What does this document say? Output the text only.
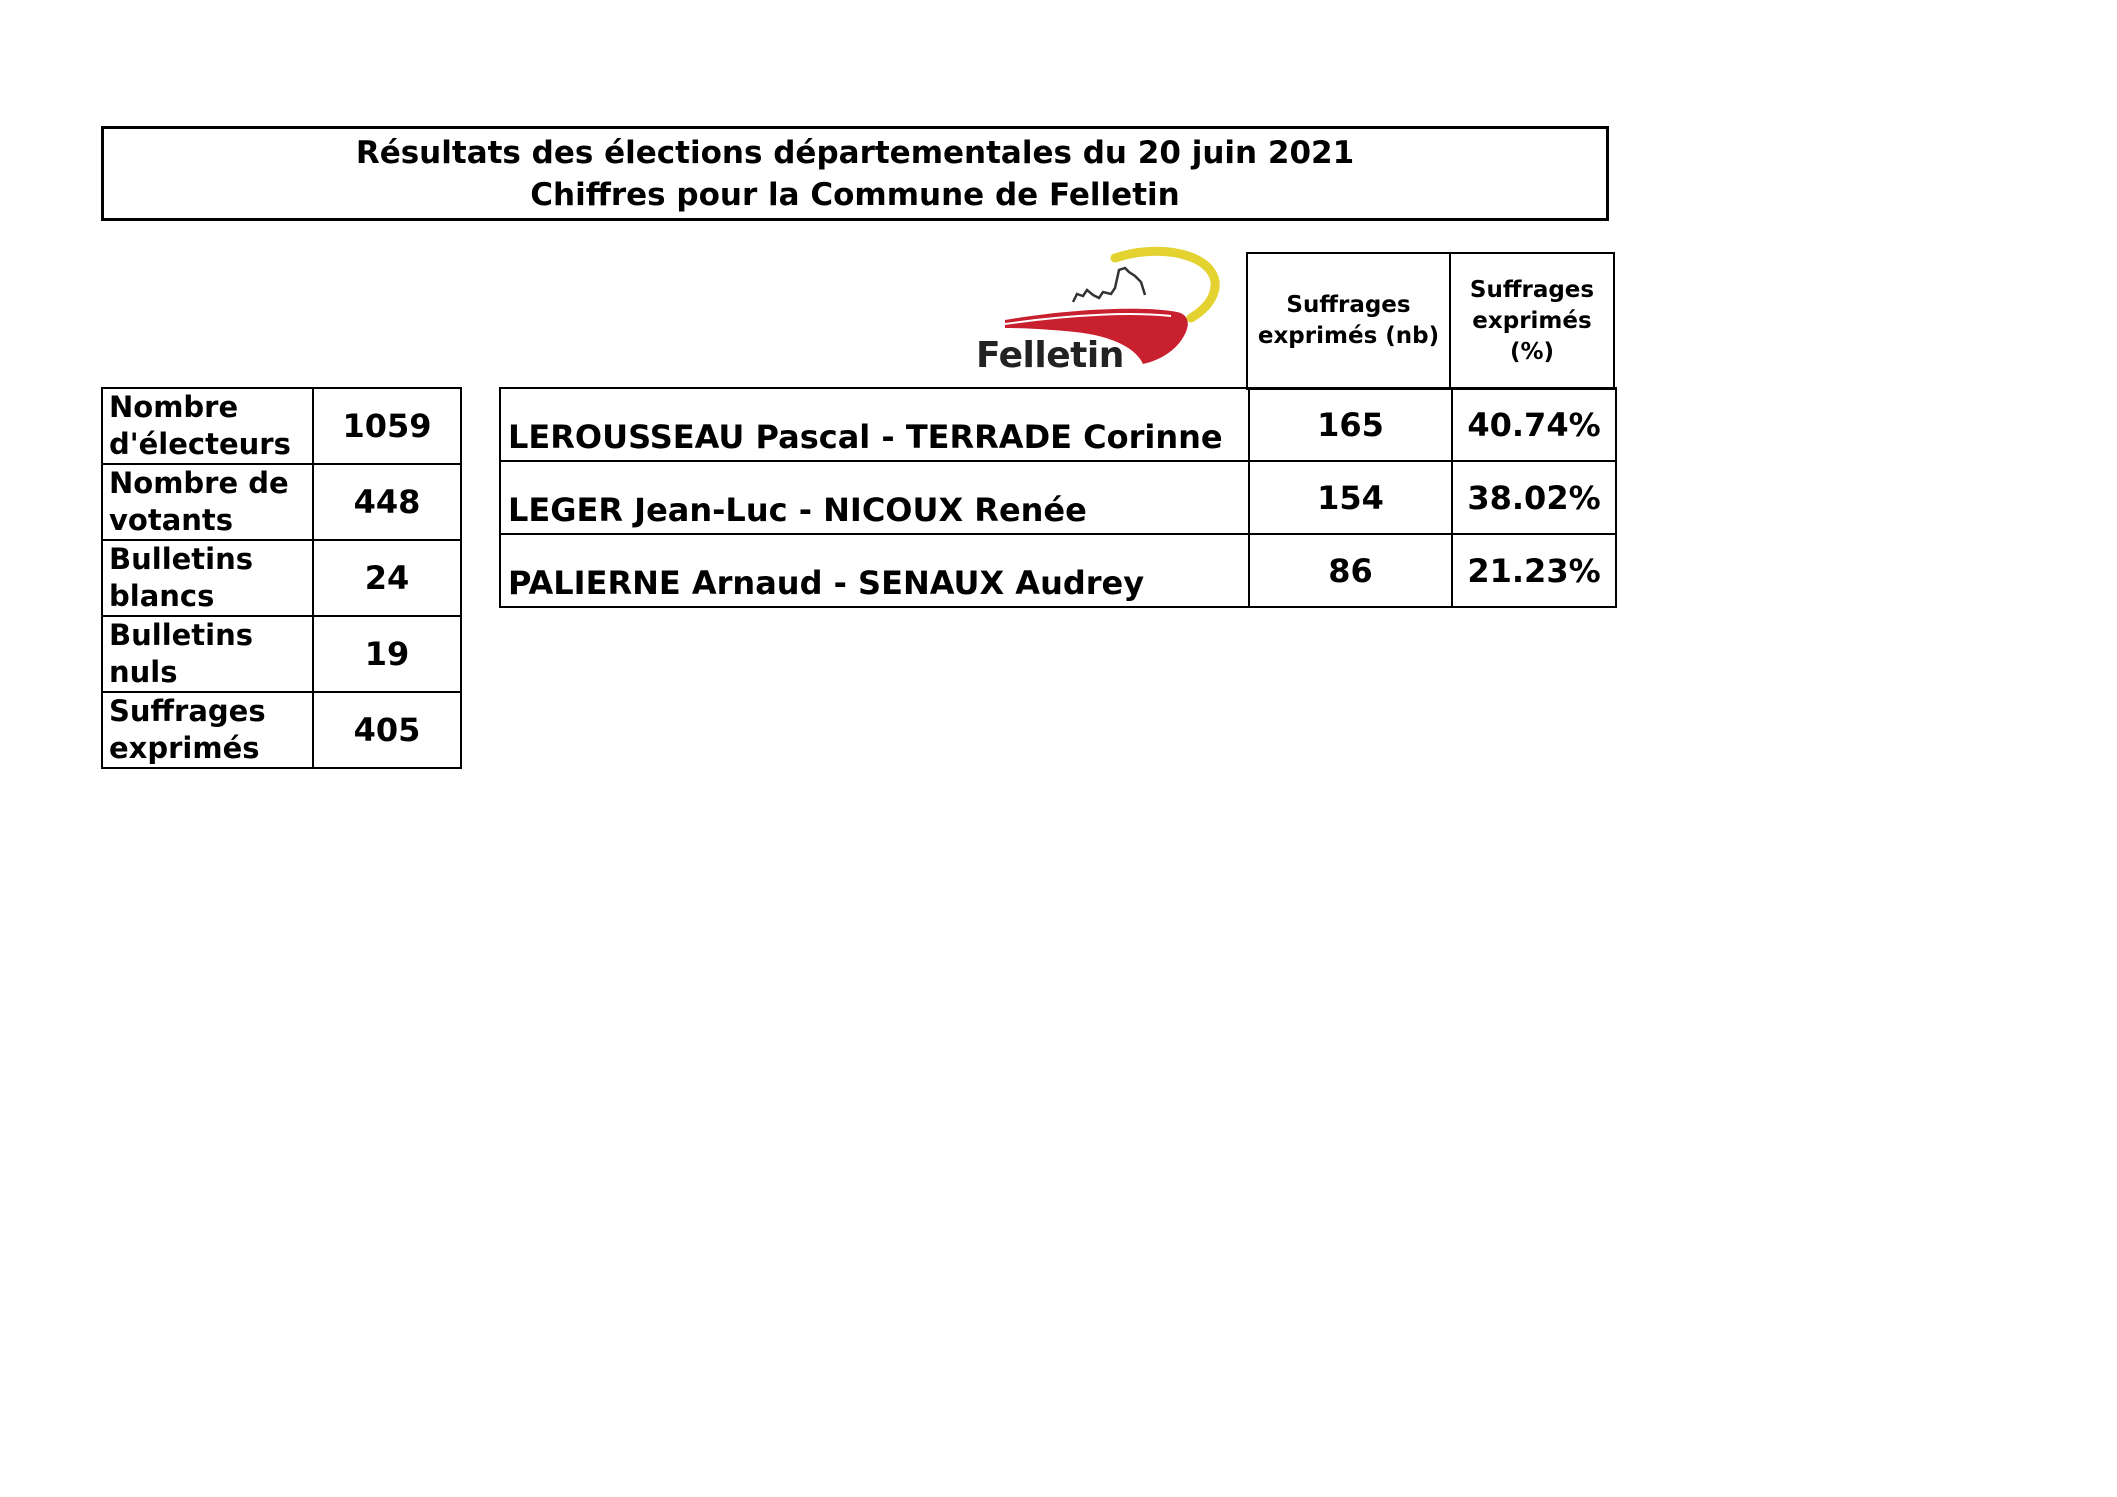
Résultats des élections départementales du 20 juin 2021
Chiffres pour la Commune de Felletin
Felletin
Suffrages
exprimés (nb)

Suffrages
exprimés
(%)
Nombre
d'électeurs	1059

Nombre de
votants	448

Bulletins
blancs	24

Bulletins
nuls	19

Suffrages
exprimés	405
LEROUSSEAU Pascal - TERRADE Corinne	165	40.74%
LEGER Jean-Luc - NICOUX Renée	154	38.02%
PALIERNE Arnaud - SENAUX Audrey	86	21.23%
